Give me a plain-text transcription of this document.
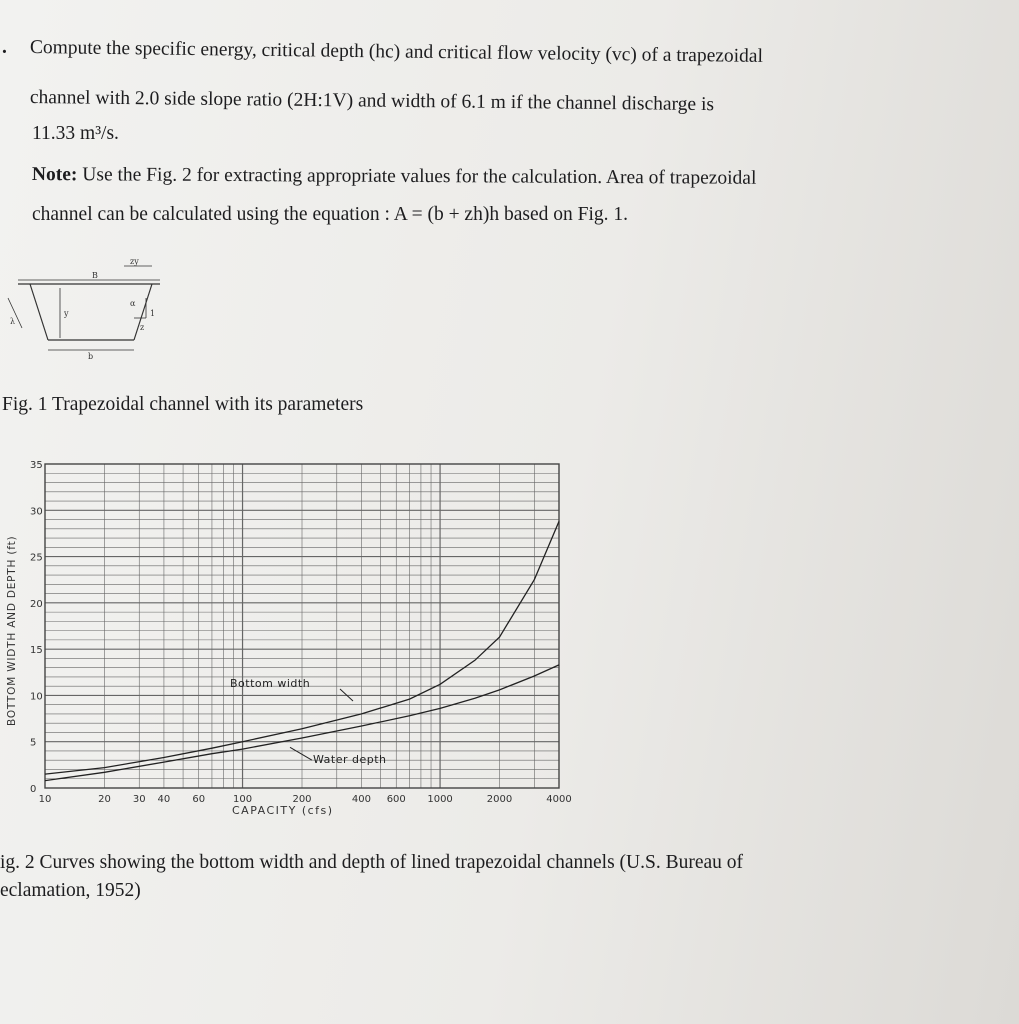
. Compute the specific energy, critical depth (hc) and critical flow velocity (vc) of a trapezoidal
channel with 2.0 side slope ratio (2H:1V) and width of 6.1 m if the channel discharge is
11.33 m³/s.
Note: Use the Fig. 2 for extracting appropriate values for the calculation. Area of trapezoidal
channel can be calculated using the equation : A = (b + zh)h based on Fig. 1.
B
y
b
zy
1
z
α
λ
Fig. 1 Trapezoidal channel with its parameters
0
5
10
15
20
25
30
35
10	20 30 40 60	100	200	400 600 1000	2000	4000
Bottom width
Water depth
CAPACITY (cfs)
BOTTOM WIDTH AND DEPTH (ft)
ig. 2 Curves showing the bottom width and depth of lined trapezoidal channels (U.S. Bureau of
eclamation, 1952)
